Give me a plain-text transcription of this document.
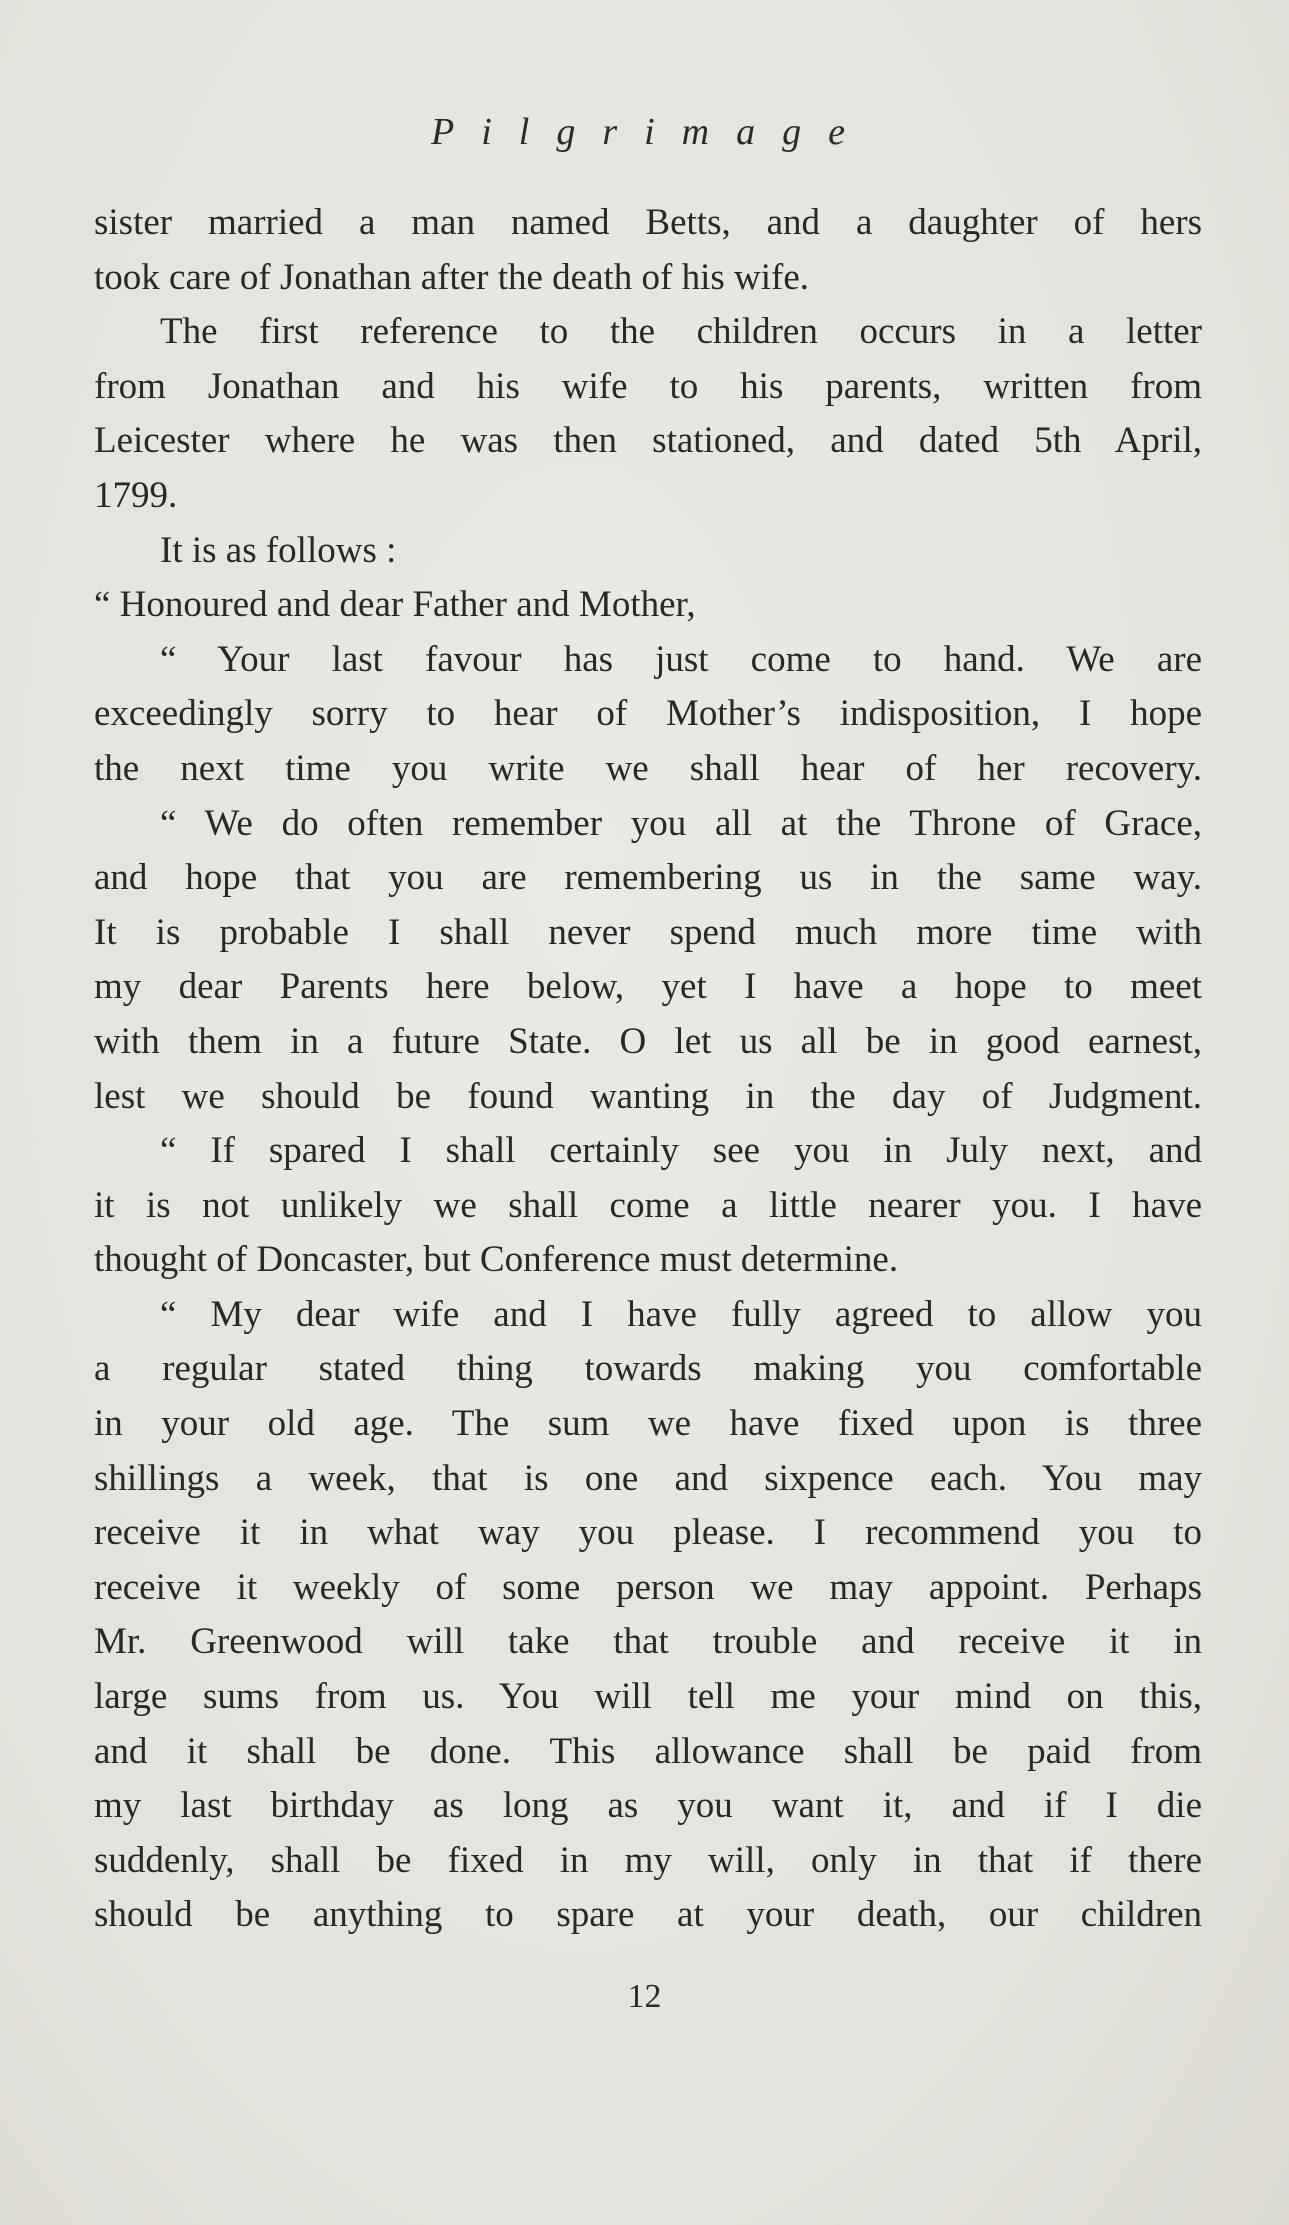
Pilgrimage
sister married a man named Betts, and a daughter of hers
took care of Jonathan after the death of his wife.
The first reference to the children occurs in a letter
from Jonathan and his wife to his parents, written from
Leicester where he was then stationed, and dated 5th April,
1799.
It is as follows :
“ Honoured and dear Father and Mother,
“ Your last favour has just come to hand. We are
exceedingly sorry to hear of Mother’s indisposition, I hope
the next time you write we shall hear of her recovery.
“ We do often remember you all at the Throne of Grace,
and hope that you are remembering us in the same way.
It is probable I shall never spend much more time with
my dear Parents here below, yet I have a hope to meet
with them in a future State. O let us all be in good earnest,
lest we should be found wanting in the day of Judgment.
“ If spared I shall certainly see you in July next, and
it is not unlikely we shall come a little nearer you. I have
thought of Doncaster, but Conference must determine.
“ My dear wife and I have fully agreed to allow you
a regular stated thing towards making you comfortable
in your old age. The sum we have fixed upon is three
shillings a week, that is one and sixpence each. You may
receive it in what way you please. I recommend you to
receive it weekly of some person we may appoint. Perhaps
Mr. Greenwood will take that trouble and receive it in
large sums from us. You will tell me your mind on this,
and it shall be done. This allowance shall be paid from
my last birthday as long as you want it, and if I die
suddenly, shall be fixed in my will, only in that if there
should be anything to spare at your death, our children
12
